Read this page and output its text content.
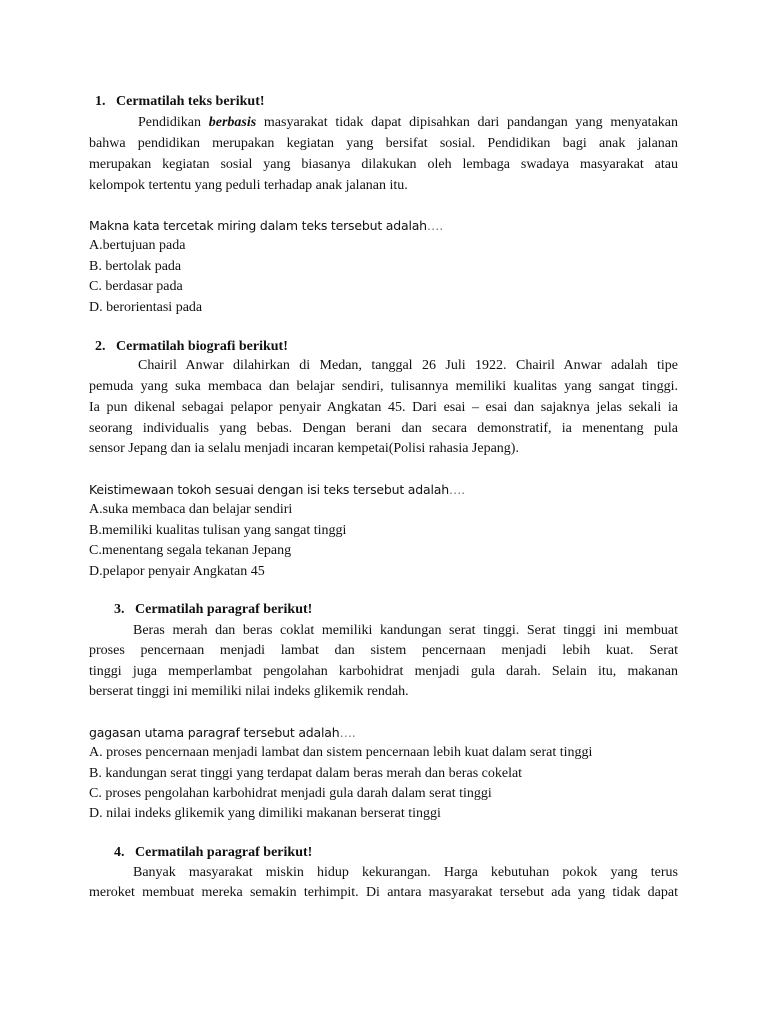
1. Cermatilah teks berikut!
Pendidikan berbasis masyarakat tidak dapat dipisahkan dari pandangan yang menyatakan
bahwa pendidikan merupakan kegiatan yang bersifat sosial. Pendidikan bagi anak jalanan
merupakan kegiatan sosial yang biasanya dilakukan oleh lembaga swadaya masyarakat atau
kelompok tertentu yang peduli terhadap anak jalanan itu.
Makna kata tercetak miring dalam teks tersebut adalah….
A.bertujuan pada
B. bertolak pada
C. berdasar pada
D. berorientasi pada
2. Cermatilah biografi berikut!
Chairil Anwar dilahirkan di Medan, tanggal 26 Juli 1922. Chairil Anwar adalah tipe
pemuda yang suka membaca dan belajar sendiri, tulisannya memiliki kualitas yang sangat tinggi.
Ia pun dikenal sebagai pelapor penyair Angkatan 45. Dari esai – esai dan sajaknya jelas sekali ia
seorang individualis yang bebas. Dengan berani dan secara demonstratif, ia menentang pula
sensor Jepang dan ia selalu menjadi incaran kempetai(Polisi rahasia Jepang).
Keistimewaan tokoh sesuai dengan isi teks tersebut adalah….
A.suka membaca dan belajar sendiri
B.memiliki kualitas tulisan yang sangat tinggi
C.menentang segala tekanan Jepang
D.pelapor penyair Angkatan 45
3. Cermatilah paragraf berikut!
Beras merah dan beras coklat memiliki kandungan serat tinggi. Serat tinggi ini membuat
proses pencernaan menjadi lambat dan sistem pencernaan menjadi lebih kuat. Serat
tinggi juga memperlambat pengolahan karbohidrat menjadi gula darah. Selain itu, makanan
berserat tinggi ini memiliki nilai indeks glikemik rendah.
gagasan utama paragraf tersebut adalah….
A. proses pencernaan menjadi lambat dan sistem pencernaan lebih kuat dalam serat tinggi
B. kandungan serat tinggi yang terdapat dalam beras merah dan beras cokelat
C. proses pengolahan karbohidrat menjadi gula darah dalam serat tinggi
D. nilai indeks glikemik yang dimiliki makanan berserat tinggi
4. Cermatilah paragraf berikut!
Banyak masyarakat miskin hidup kekurangan. Harga kebutuhan pokok yang terus
meroket membuat mereka semakin terhimpit. Di antara masyarakat tersebut ada yang tidak dapat
